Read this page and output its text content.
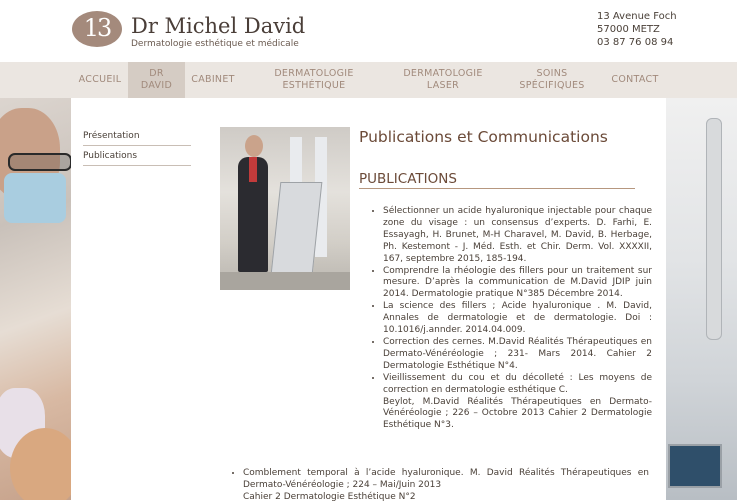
13 Dr Michel David
Dermatologie esthétique et médicale
13 Avenue Foch
57000 METZ
03 87 76 08 94
ACCUEIL
DR
DAVID
CABINET
DERMATOLOGIE
ESTHÉTIQUE
DERMATOLOGIE
LASER
SOINS
SPÉCIFIQUES
CONTACT
Présentation
Publications
Publications et Communications
PUBLICATIONS
• Sélectionner un acide hyaluronique injectable pour chaque zone du visage : un consensus d’experts. D. Farhi, E. Essayagh, H. Brunet, M-H Charavel, M. David, B. Herbage, Ph. Kestemont - J. Méd. Esth. et Chir. Derm. Vol. XXXXII, 167, septembre 2015, 185-194.
• Comprendre la rhéologie des fillers pour un traitement sur mesure. D’après la communication de M.David JDIP juin 2014. Dermatologie pratique N°385 Décembre 2014.
• La science des fillers ; Acide hyaluronique . M. David, Annales de dermatologie et de dermatologie. Doi : 10.1016/j.annder. 2014.04.009.
• Correction des cernes. M.David Réalités Thérapeutiques en Dermato-Vénéréologie ; 231- Mars 2014. Cahier 2 Dermatologie Esthétique N°4.
• Vieillissement du cou et du décolleté : Les moyens de correction en dermatologie esthétique C.
Beylot, M.David Réalités Thérapeutiques en Dermato-Vénéréologie ; 226 – Octobre 2013 Cahier 2 Dermatologie Esthétique N°3.
• Comblement temporal à l’acide hyaluronique. M. David Réalités Thérapeutiques en Dermato-Vénéréologie ; 224 – Mai/Juin 2013
Cahier 2 Dermatologie Esthétique N°2
